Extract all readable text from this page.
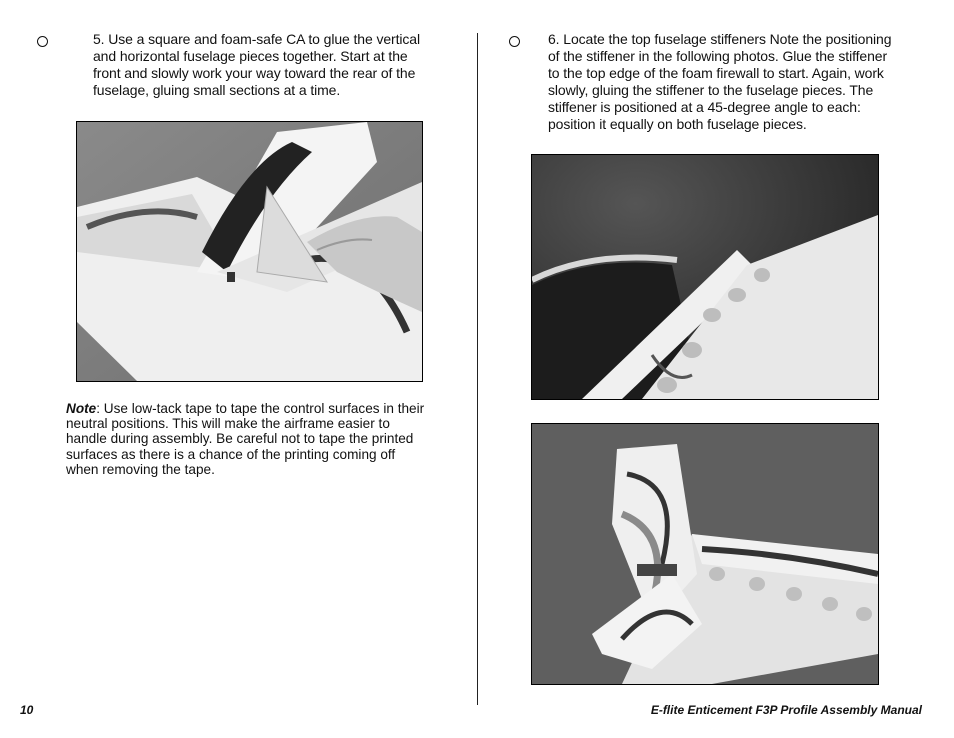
5. Use a square and foam-safe CA to glue the vertical and horizontal fuselage pieces together. Start at the front and slowly work your way toward the rear of the fuselage, gluing small sections at a time.
Note: Use low-tack tape to tape the control surfaces in their neutral positions. This will make the airframe easier to handle during assembly. Be careful not to tape the printed surfaces as there is a chance of the printing coming off when removing the tape.
6. Locate the top fuselage stiffeners Note the positioning of the stiffener in the following photos. Glue the stiffener to the top edge of the foam firewall to start. Again, work slowly, gluing the stiffener to the fuselage pieces. The stiffener is positioned at a 45-degree angle to each: position it equally on both fuselage pieces.
10	E-flite Enticement F3P Profile Assembly Manual
